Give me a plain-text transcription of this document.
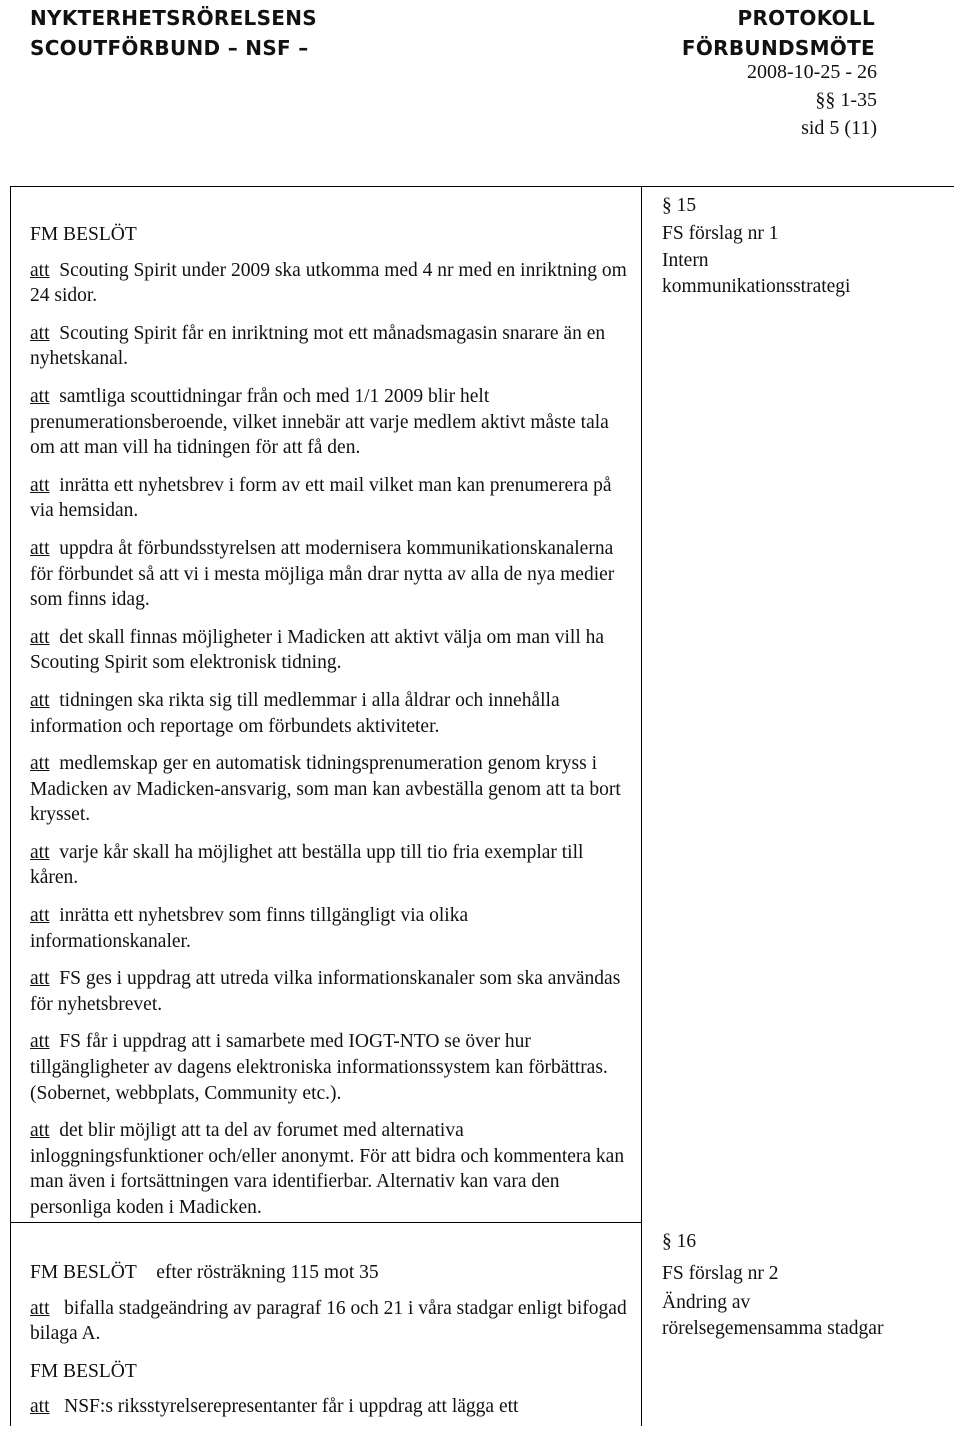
NYKTERHETSRÖRELSENS
SCOUTFÖRBUND – NSF –
PROTOKOLL
FÖRBUNDSMÖTE
2008-10-25 - 26
§§ 1-35
sid 5 (11)
§ 15
FS förslag nr 1
Intern
kommunikationsstrategi
FM BESLÖT
att Scouting Spirit under 2009 ska utkomma med 4 nr med en inriktning om 24 sidor.
att Scouting Spirit får en inriktning mot ett månadsmagasin snarare än en nyhetskanal.
att samtliga scouttidningar från och med 1/1 2009 blir helt prenumerationsberoende, vilket innebär att varje medlem aktivt måste tala om att man vill ha tidningen för att få den.
att inrätta ett nyhetsbrev i form av ett mail vilket man kan prenumerera på via hemsidan.
att uppdra åt förbundsstyrelsen att modernisera kommunikationskanalerna för förbundet så att vi i mesta möjliga mån drar nytta av alla de nya medier som finns idag.
att det skall finnas möjligheter i Madicken att aktivt välja om man vill ha Scouting Spirit som elektronisk tidning.
att tidningen ska rikta sig till medlemmar i alla åldrar och innehålla information och reportage om förbundets aktiviteter.
att medlemskap ger en automatisk tidningsprenumeration genom kryss i Madicken av Madicken-ansvarig, som man kan avbeställa genom att ta bort krysset.
att varje kår skall ha möjlighet att beställa upp till tio fria exemplar till kåren.
att inrätta ett nyhetsbrev som finns tillgängligt via olika informationskanaler.
att FS ges i uppdrag att utreda vilka informationskanaler som ska användas för nyhetsbrevet.
att FS får i uppdrag att i samarbete med IOGT-NTO se över hur tillgängligheter av dagens elektroniska informationssystem kan förbättras.(Sobernet, webbplats, Community etc.).
att det blir möjligt att ta del av forumet med alternativa inloggningsfunktioner och/eller anonymt. För att bidra och kommentera kan man även i fortsättningen vara identifierbar. Alternativ kan vara den personliga koden i Madicken.
§ 16
FS förslag nr 2
Ändring av
rörelsegemensamma stadgar
FM BESLÖT efter rösträkning 115 mot 35
att bifalla stadgeändring av paragraf 16 och 21 i våra stadgar enligt bifogad bilaga A.
FM BESLÖT
att NSF:s riksstyrelserepresentanter får i uppdrag att lägga ett
